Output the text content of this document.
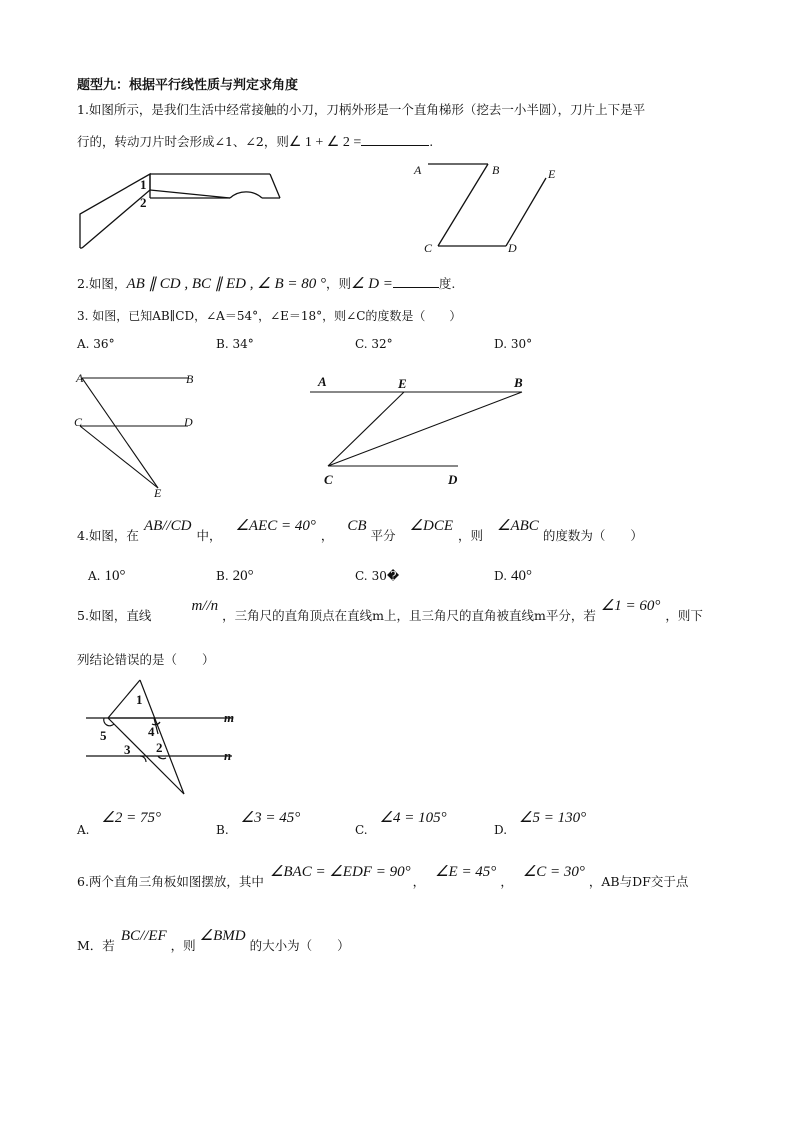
题型九：根据平行线性质与判定求角度
1.如图所示，是我们生活中经常接触的小刀，刀柄外形是一个直角梯形（挖去一小半圆），刀片上下是平
行的，转动刀片时会形成∠1、∠2，则∠ 1 + ∠ 2 =	.
1
2
A	B	E
C	D
2.如图，AB ∥ CD , BC ∥ ED , ∠ B = 80 °，则∠ D =	度.
3. 如图，已知AB∥CD，∠A＝54°，∠E＝18°，则∠C的度数是（　　）
A. 36°	B. 34°	C. 32°	D. 30°
A	B
C	D
E
A	E	B
C	D
4.如图，在AB//CD中，∠AEC = 40°，CB平分∠DCE，则∠ABC的度数为（　　）
A. 10°	B. 20°	C. 30�	D. 40°
5.如图，直线m//n，三角尺的直角顶点在直线m上，且三角尺的直角被直线m平分，若∠1 = 60°，则下
列结论错误的是（　　）
1
4
5
3 2
m
n
A.∠2 = 75°
B.∠3 = 45°
C.∠4 = 105°
D.∠5 = 130°
6.两个直角三角板如图摆放，其中∠BAC = ∠EDF = 90°，∠E = 45°，∠C = 30°，AB与DF交于点
M．若BC//EF，则∠BMD的大小为（　　）
